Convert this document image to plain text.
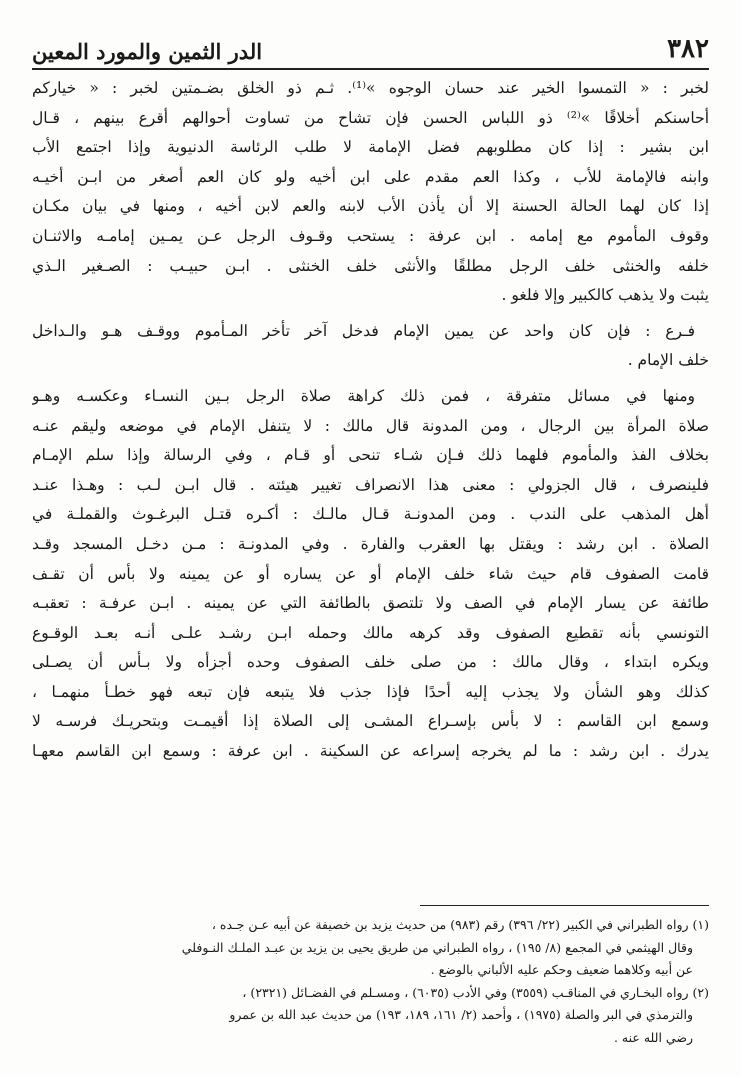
٣٨٢
الدر الثمين والمورد المعين

لخبر : « التمسوا الخير عند حسان الوجوه »⁽¹⁾. ثـم ذو الخلق بضـمتين لخبر : « خياركم
أحاسنكم أخلاقًا »⁽²⁾ ذو اللباس الحسن فإن تشاح من تساوت أحوالهم أقرع بينهم ، قـال
ابن بشير : إذا كان مطلوبهم فضل الإمامة لا طلب الرئاسة الدنيوية وإذا اجتمع الأب
وابنه فالإمامة للأب ، وكذا العم مقدم على ابن أخيه ولو كان العم أصغر من ابـن أخيـه
إذا كان لهما الحالة الحسنة إلا أن يأذن الأب لابنه والعم لابن أخيه ، ومنها في بيان مكـان
وقوف المأموم مع إمامه . ابن عرفة : يستحب وقـوف الرجل عـن يمـين إمامـه والاثنـان
خلفه والخنثى خلف الرجل مطلقًا والأنثى خلف الخنثى . ابـن حبيـب : الصـغير الـذي
يثبت ولا يذهب كالكبير وإلا فلغو .

فـرع : فإن كان واحد عن يمين الإمام فدخل آخر تأخر المـأموم ووقـف هـو والـداخل
خلف الإمام .

ومنها في مسائل متفرقة ، فمن ذلك كراهة صلاة الرجل بـين النسـاء وعكسـه وهـو
صلاة المرأة بين الرجال ، ومن المدونة قال مالك : لا يتنفل الإمام في موضعه وليقم عنـه
بخلاف الفذ والمأموم فلهما ذلك فـإن شـاء تنحى أو قـام ، وفي الرسالة وإذا سلم الإمـام
فلينصرف ، قال الجزولي : معنى هذا الانصراف تغيير هيئته . قال ابـن لـب : وهـذا عنـد
أهل المذهب على الندب . ومن المدونـة قـال مالـك : أكـره قتـل البرغـوث والقملـة في
الصلاة . ابن رشد : ويقتل بها العقرب والفارة . وفي المدونـة : مـن دخـل المسجد وقـد
قامت الصفوف قام حيث شاء خلف الإمام أو عن يساره أو عن يمينه ولا بأس أن تقـف
طائفة عن يسار الإمام في الصف ولا تلتصق بالطائفة التي عن يمينه . ابـن عرفـة : تعقبـه
التونسي بأنه تقطيع الصفوف وقد كرهه مالك وحمله ابـن رشـد علـى أنـه بعـد الوقـوع
ويكره ابتداء ، وقال مالك : من صلى خلف الصفوف وحده أجزأه ولا بـأس أن يصـلى
كذلك وهو الشأن ولا يجذب إليه أحدًا فإذا جذب فلا يتبعه فإن تبعه فهو خطـأ منهمـا ،
وسمع ابن القاسم : لا بأس بإسـراع المشـى إلى الصلاة إذا أقيمـت وبتحريـك فرسـه لا
يدرك . ابن رشد : ما لم يخرجه إسراعه عن السكينة . ابن عرفة : وسمع ابن القاسم معهـا

(١) رواه الطبراني في الكبير (٢٢/ ٣٩٦) رقم (٩٨٣) من حديث يزيد بن خصيفة عن أبيه عـن جـده ،
وقال الهيثمي في المجمع (٨/ ١٩٥) ، رواه الطبراني من طريق يحيى بن يزيد بن عبـد الملـك النـوفلي
عن أبيه وكلاهما ضعيف وحكم عليه الألباني بالوضع .
(٢) رواه البخـاري في المناقـب (٣٥٥٩) وفي الأدب (٦٠٣٥) ، ومسـلم في الفضـائل (٢٣٢١) ،
والترمذي في البر والصلة (١٩٧٥) ، وأحمد (٢/ ١٦١، ١٨٩، ١٩٣) من حديث عبد الله بن عمرو
رضي الله عنه .
